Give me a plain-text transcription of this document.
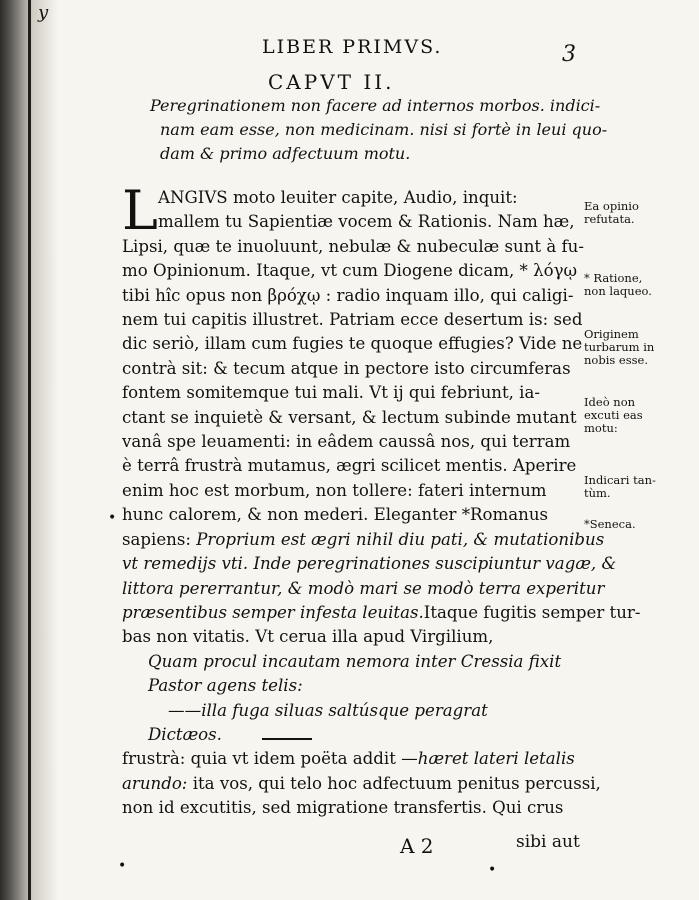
y
LIBER PRIMVS.	3
CAPVT II.
Peregrinationem non facere ad internos morbos. indici-
nam eam esse, non medicinam. nisi si fortè in leui quo-
dam & primo adfectuum motu.
L ANGIVS moto leuiter capite, Audio, inquit:
mallem tu Sapientiæ vocem & Rationis. Nam hæ,
Lipsi, quæ te inuoluunt, nebulæ & nubeculæ sunt à fu-
mo Opinionum. Itaque, vt cum Diogene dicam, * λόγῳ
tibi hîc opus non βρόχῳ : radio inquam illo, qui caligi-
nem tui capitis illustret. Patriam ecce desertum is: sed
dic seriò, illam cum fugies te quoque effugies? Vide ne
contrà sit: & tecum atque in pectore isto circumferas
fontem somitemque tui mali. Vt ij qui febriunt, ia-
ctant se inquietè & versant, & lectum subinde mutant
vanâ spe leuamenti: in eâdem caussâ nos, qui terram
è terrâ frustrà mutamus, ægri scilicet mentis. Aperire
enim hoc est morbum, non tollere: fateri internum
hunc calorem, & non mederi. Eleganter *Romanus
sapiens: Proprium est ægri nihil diu pati, & mutationibus
vt remedijs vti. Inde peregrinationes suscipiuntur vagæ, &
littora pererrantur, & modò mari se modò terra experitur
præsentibus semper infesta leuitas.Itaque fugitis semper tur-
bas non vitatis. Vt cerua illa apud Virgilium,
Quam procul incautam nemora inter Cressia fixit
Pastor agens telis:
——illa fuga siluas saltúsque peragrat
Dictæos.
frustrà: quia vt idem poëta addit —hæret lateri letalis
arundo: ita vos, qui telo hoc adfectuum penitus percussi,
non id excutitis, sed migratione transfertis. Qui crus
Ea opinio
refutata.
* Ratione,
non laqueo.
Originem
turbarum in
nobis esse.
Ideò non
excuti eas
motu:
Indicari tan-
tùm.
*Seneca.
A 2	sibi aut
•
•	•
